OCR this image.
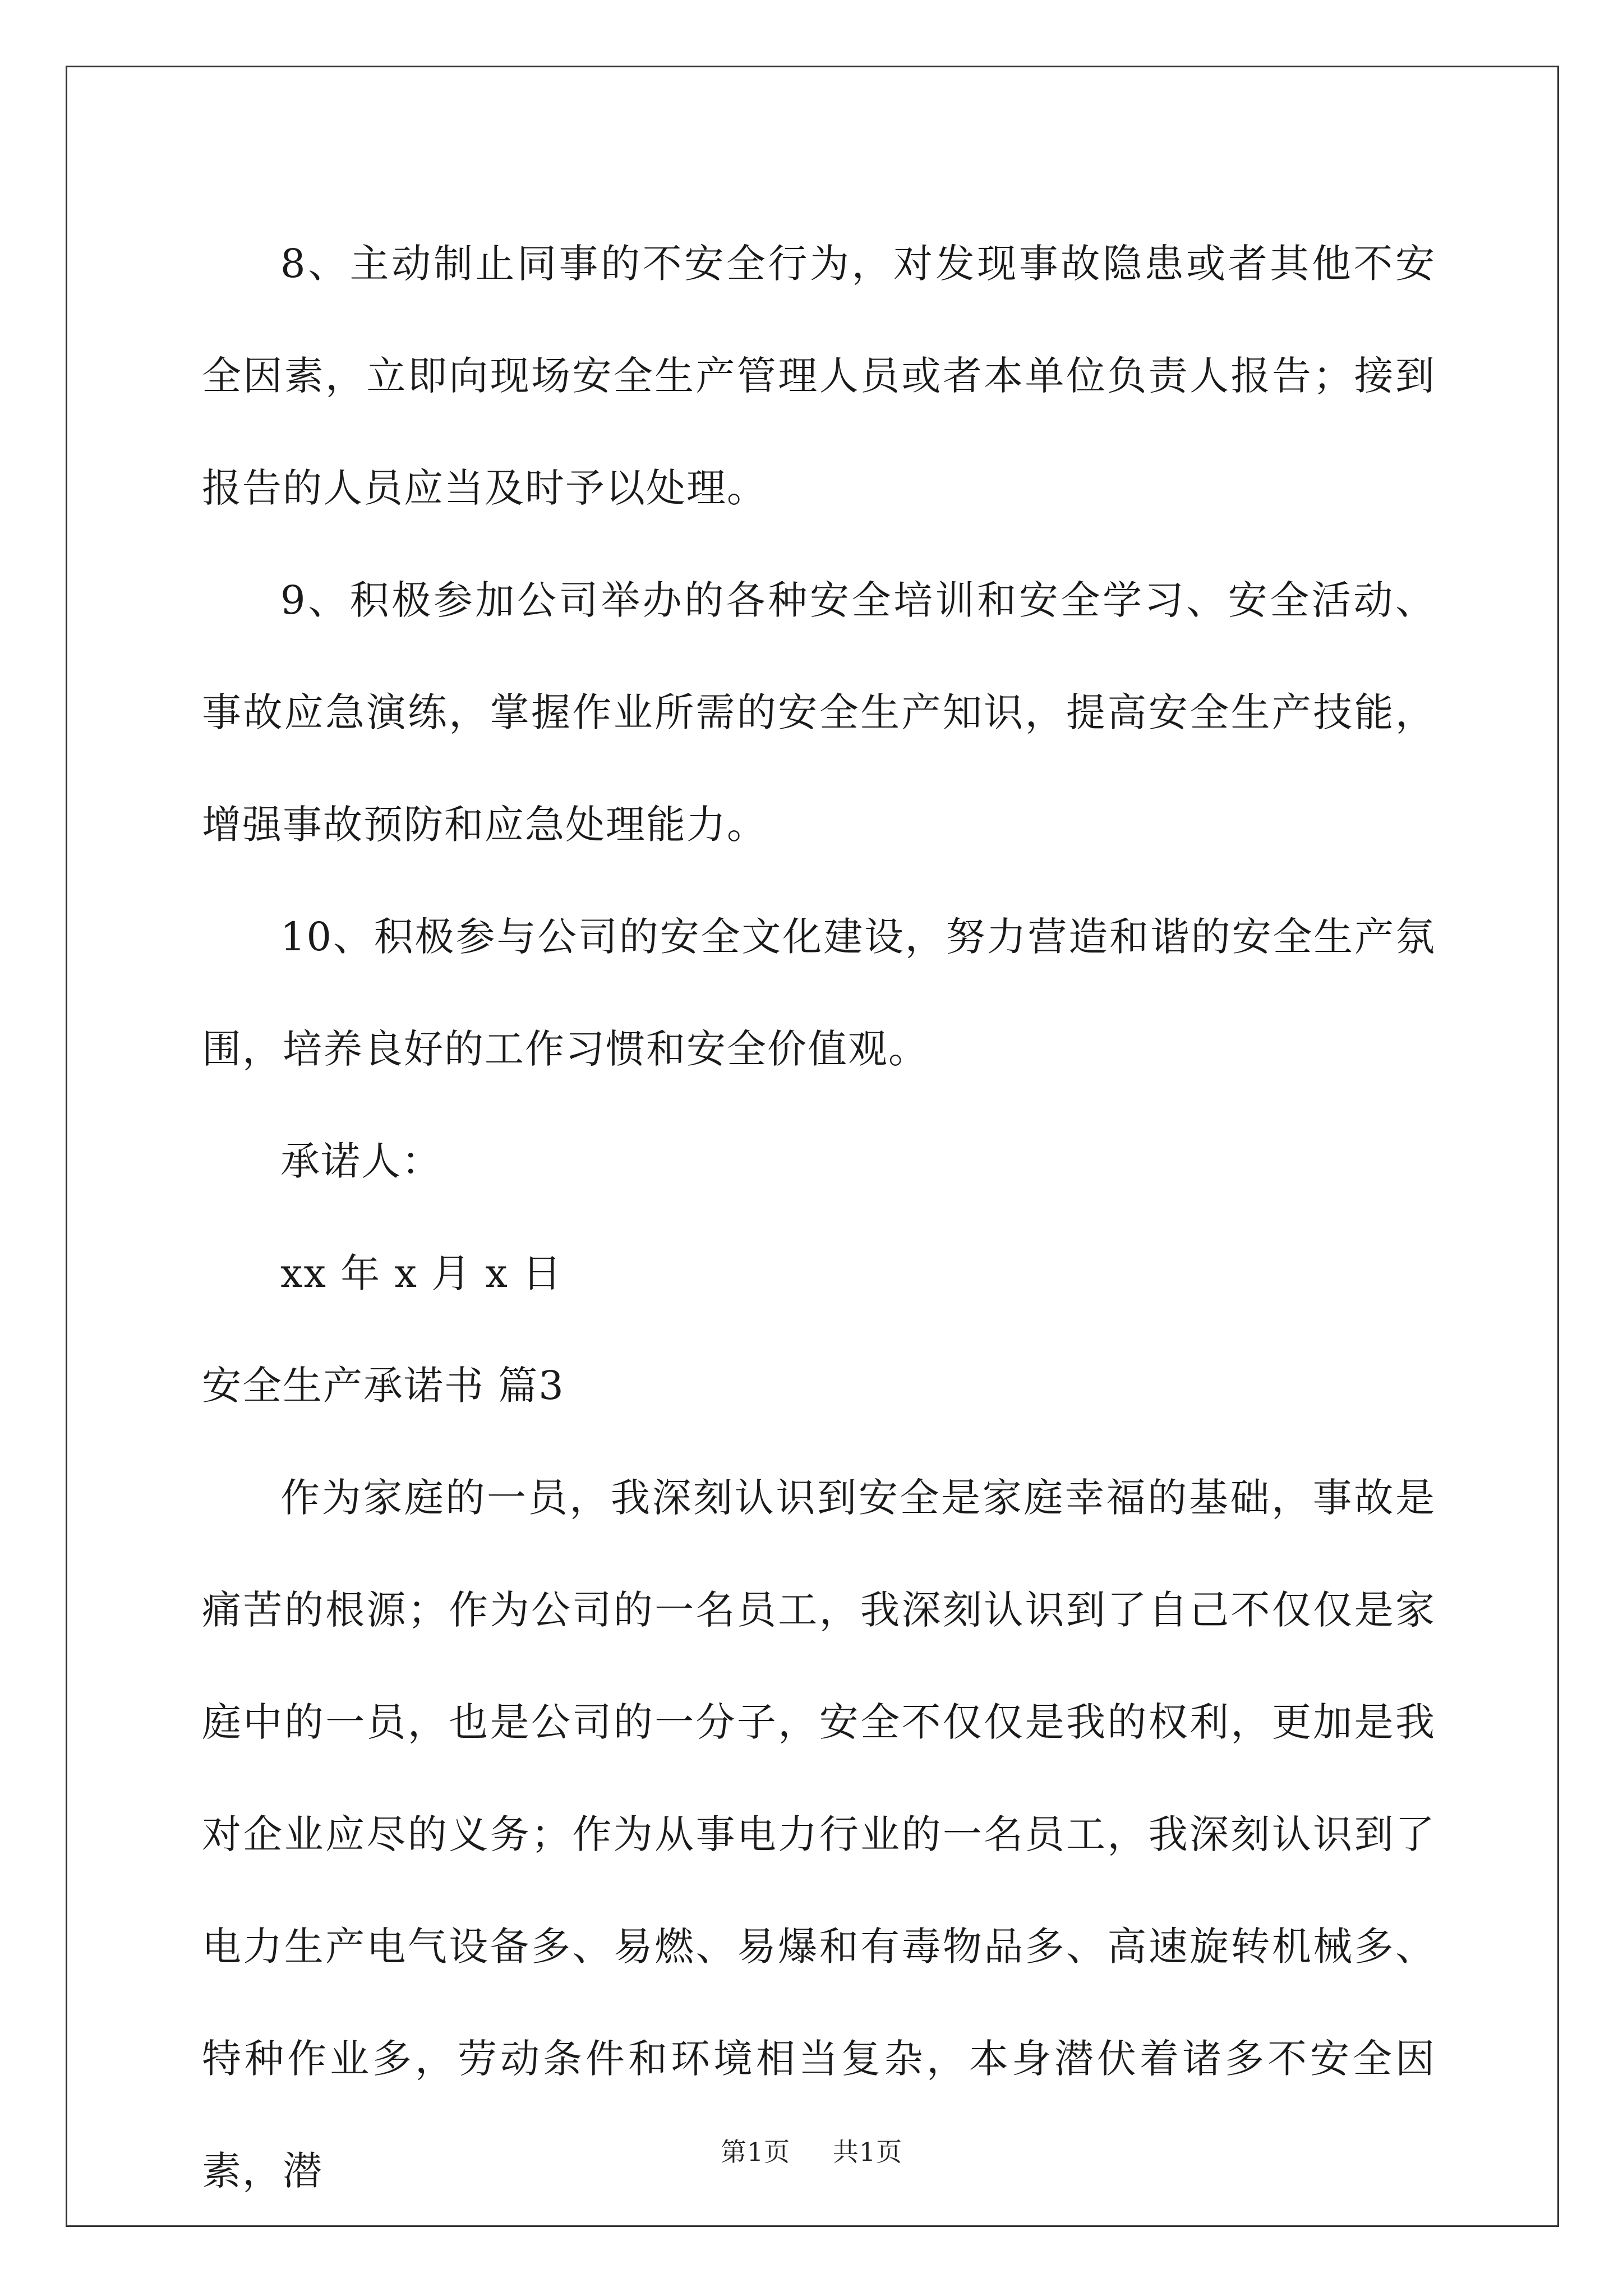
8、主动制止同事的不安全行为，对发现事故隐患或者其他不安全因素，立即向现场安全生产管理人员或者本单位负责人报告；接到报告的人员应当及时予以处理。

9、积极参加公司举办的各种安全培训和安全学习、安全活动、事故应急演练，掌握作业所需的安全生产知识，提高安全生产技能，增强事故预防和应急处理能力。

10、积极参与公司的安全文化建设，努力营造和谐的安全生产氛围，培养良好的工作习惯和安全价值观。

承诺人：

xx 年 x 月 x 日

安全生产承诺书 篇3

作为家庭的一员，我深刻认识到安全是家庭幸福的基础，事故是痛苦的根源；作为公司的一名员工，我深刻认识到了自己不仅仅是家庭中的一员，也是公司的一分子，安全不仅仅是我的权利，更加是我对企业应尽的义务；作为从事电力行业的一名员工，我深刻认识到了电力生产电气设备多、易燃、易爆和有毒物品多、高速旋转机械多、特种作业多，劳动条件和环境相当复杂，本身潜伏着诸多不安全因素，潜	第1页 共1页
